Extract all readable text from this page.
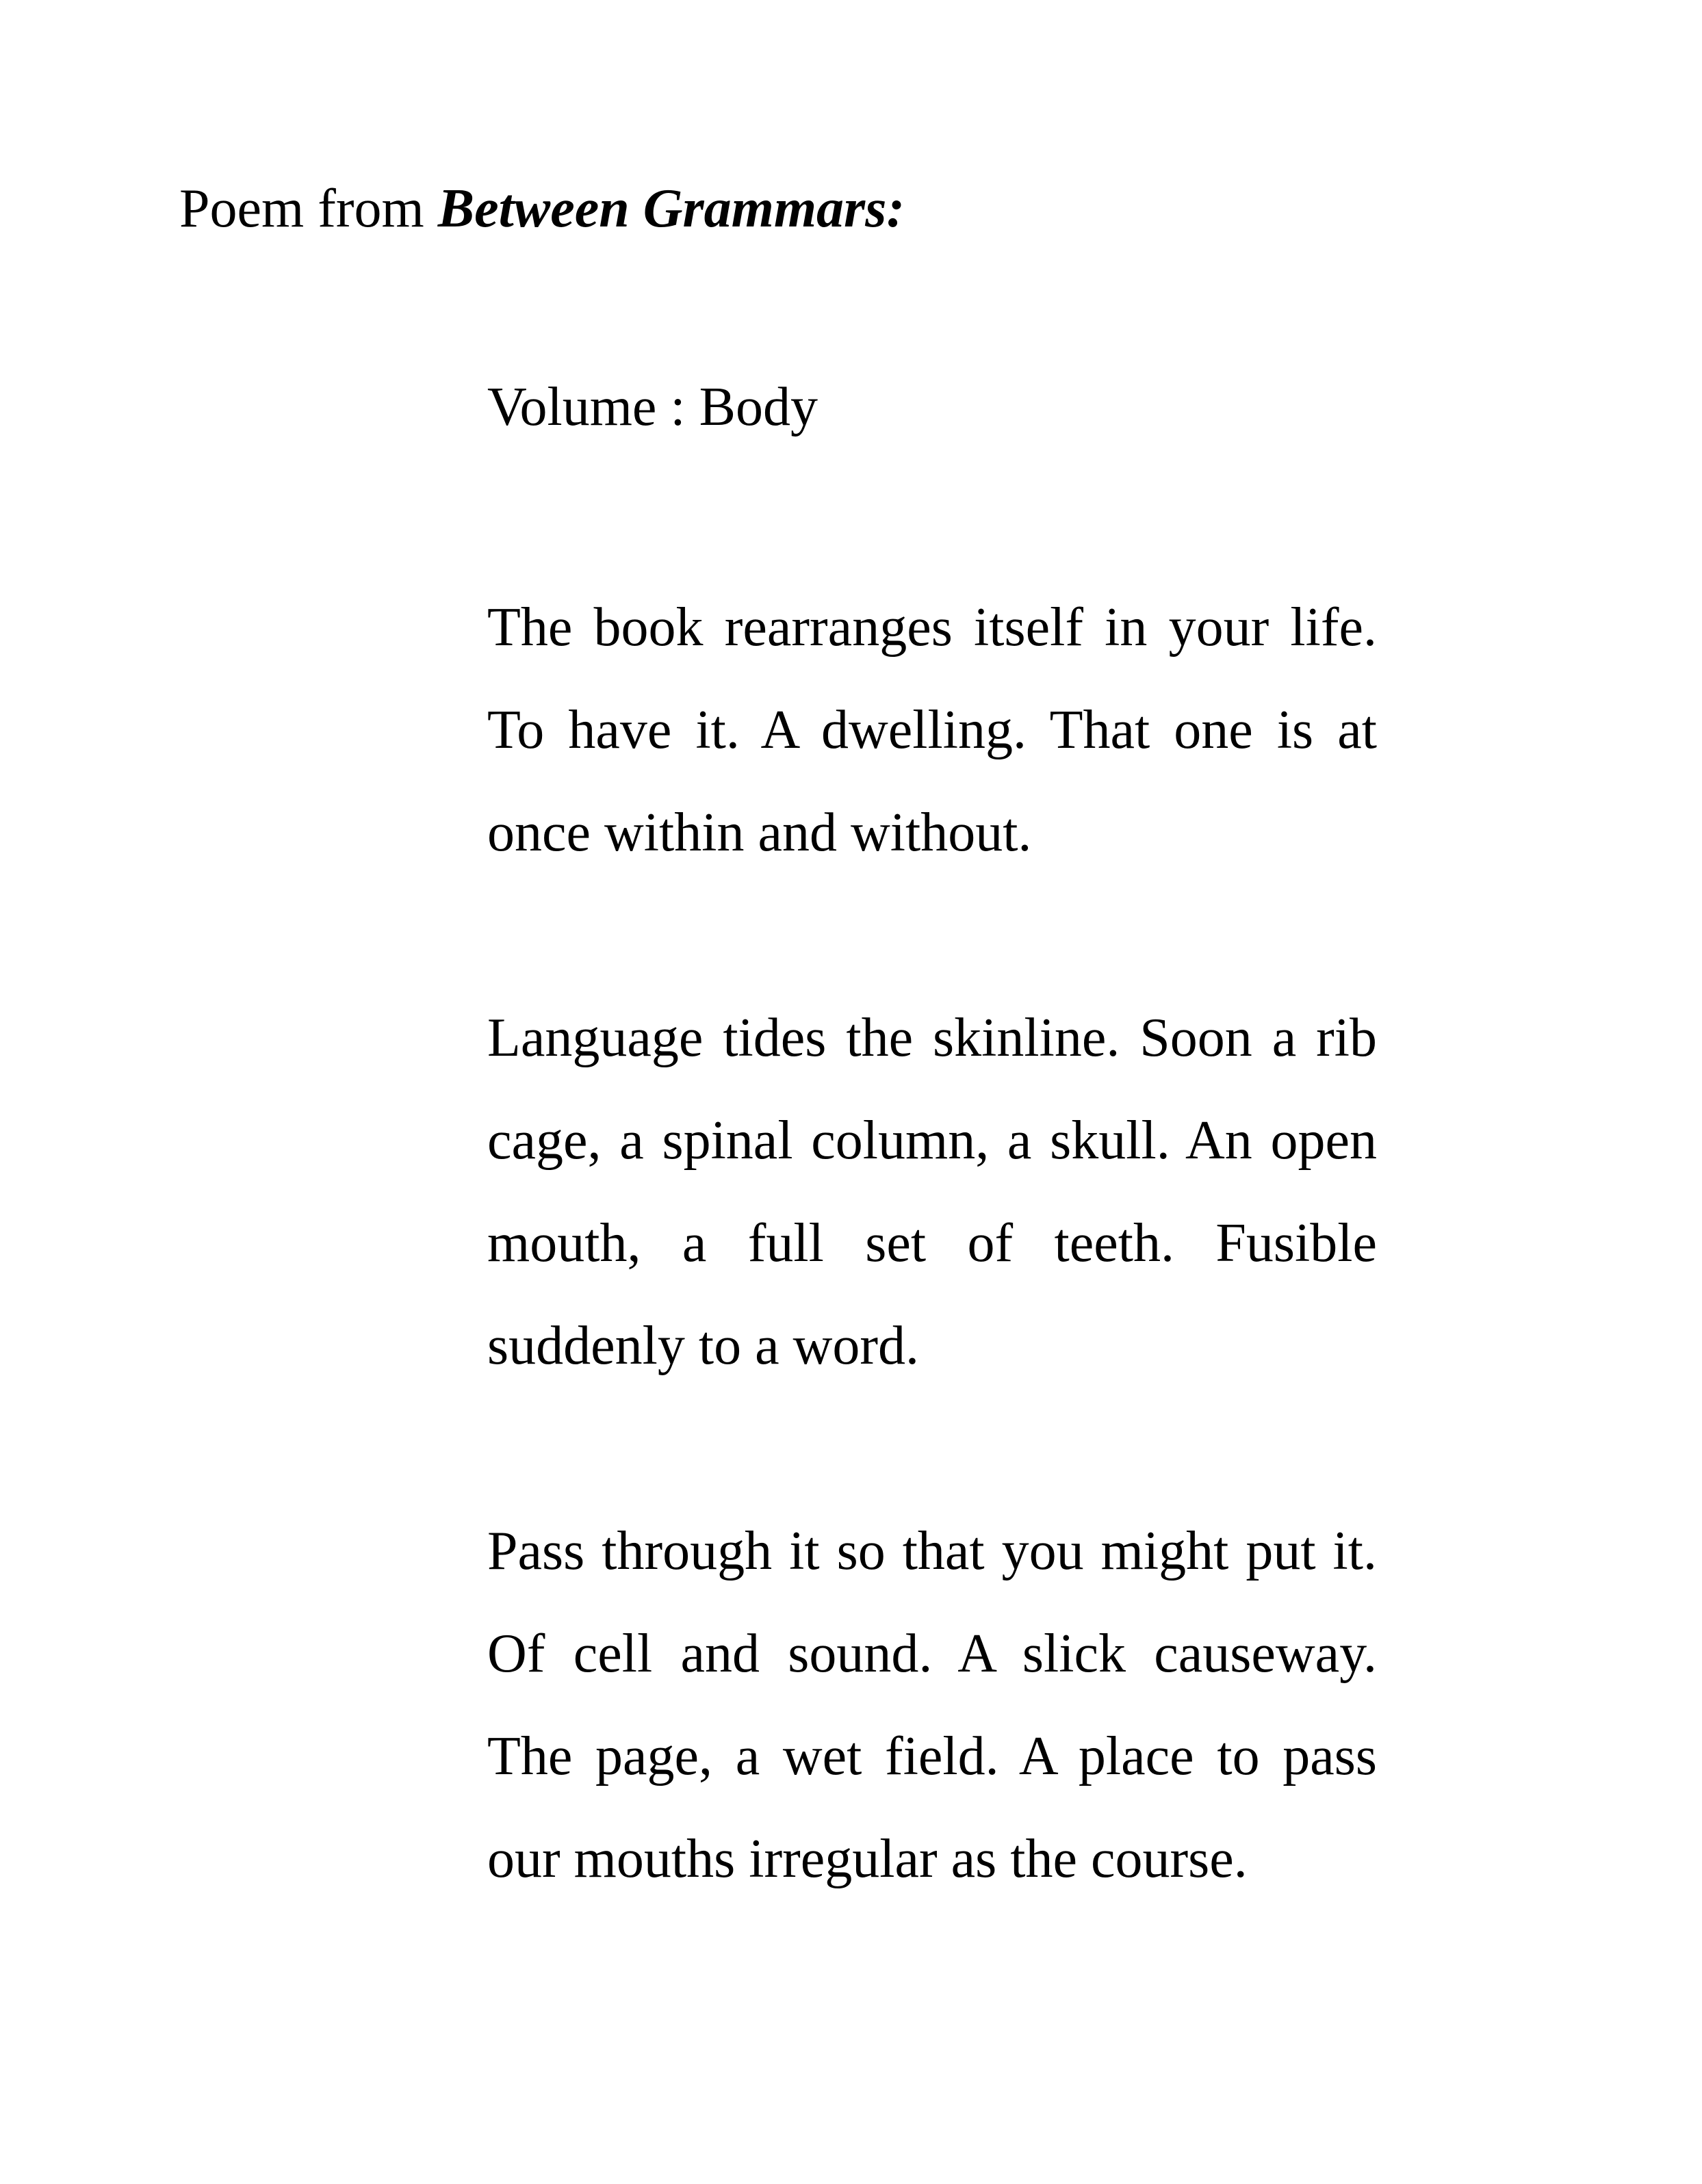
Poem from Between Grammars:
Volume : Body

The book rearranges itself in your life. To have it. A dwelling. That one is at once within and without.

Language tides the skinline. Soon a rib cage, a spinal column, a skull. An open mouth, a full set of teeth. Fusible suddenly to a word.

Pass through it so that you might put it. Of cell and sound. A slick causeway. The page, a wet field. A place to pass our mouths irregular as the course.
